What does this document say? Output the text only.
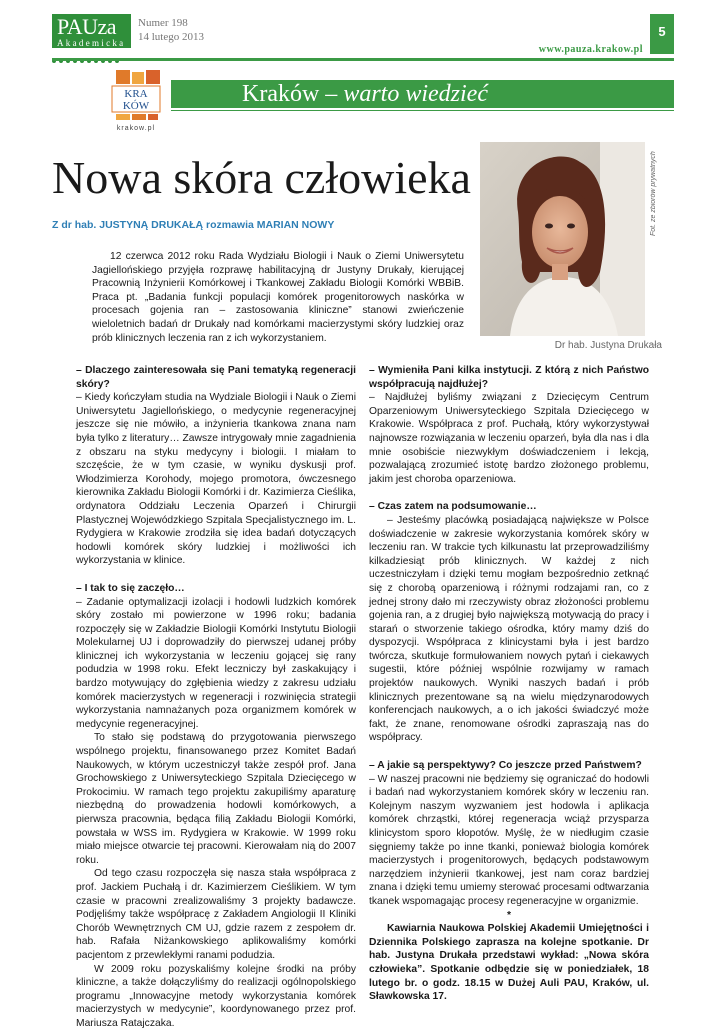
PAUza
Akademicka
Numer 198
14 lutego 2013
www.pauza.krakow.pl
5
KRA
KÓW
krakow.pl
Kraków – warto wiedzieć
Nowa skóra człowieka
Z dr hab. JUSTYNĄ DRUKAŁĄ rozmawia MARIAN NOWY

12 czerwca 2012 roku Rada Wydziału Biologii i Nauk o Ziemi Uniwersytetu Jagiellońskiego przyjęła rozprawę habilitacyjną dr Justyny Drukały, kierującej Pracownią Inżynierii Komórkowej i Tkankowej Zakładu Biologii Komórki WBBiB. Praca pt. „Badania funkcji populacji komórek progenitorowych naskórka w procesach gojenia ran – zastosowania kliniczne” stanowi zwieńczenie wieloletnich badań dr Drukały nad komórkami macierzystymi skóry ludzkiej oraz prób klinicznych leczenia ran z ich wykorzystaniem.

Fot. ze zbiorów prywatnych
Dr hab. Justyna Drukała

– Dlaczego zainteresowała się Pani tematyką regeneracji skóry?

– Kiedy kończyłam studia na Wydziale Biologii i Nauk o Ziemi Uniwersytetu Jagiellońskiego, o medycynie regeneracyjnej jeszcze się nie mówiło, a inżynieria tkankowa znana nam była tylko z literatury… Zawsze intrygowały mnie zagadnienia z obszaru na styku medycyny i biologii. I miałam to szczęście, że w tym czasie, w wyniku dyskusji prof. Włodzimierza Korohody, mojego promotora, ówczesnego kierownika Zakładu Biologii Komórki i dr. Kazimierza Cieślika, ordynatora Oddziału Leczenia Oparzeń i Chirurgii Plastycznej Wojewódzkiego Szpitala Specjalistycznego im. L. Rydygiera w Krakowie zrodziła się idea badań dotyczących hodowli komórek skóry ludzkiej i możliwości ich wykorzystania w klinice.

– I tak to się zaczęło…

– Zadanie optymalizacji izolacji i hodowli ludzkich komórek skóry zostało mi powierzone w 1996 roku; badania rozpoczęły się w Zakładzie Biologii Komórki Instytutu Biologii Molekularnej UJ i doprowadziły do pierwszej udanej próby klinicznej ich wykorzystania w leczeniu gojącej się rany podudzia w 1998 roku. Efekt leczniczy był zaskakujący i bardzo motywujący do zgłębienia wiedzy z zakresu udziału komórek macierzystych w regeneracji i rozwinięcia strategii wykorzystania namnażanych poza organizmem komórek w medycynie regeneracyjnej.

To stało się podstawą do przygotowania pierwszego wspólnego projektu, finansowanego przez Komitet Badań Naukowych, w którym uczestniczył także zespół prof. Jana Grochowskiego z Uniwersyteckiego Szpitala Dziecięcego w Prokocimiu. W ramach tego projektu zakupiliśmy aparaturę niezbędną do prowadzenia hodowli komórkowych, a pierwsza pracownia, będąca filią Zakładu Biologii Komórki, powstała w WSS im. Rydygiera w Krakowie. W 1999 roku miało miejsce otwarcie tej pracowni. Kierowałam nią do 2007 roku.

Od tego czasu rozpoczęła się nasza stała współpraca z prof. Jackiem Puchałą i dr. Kazimierzem Cieślikiem. W tym czasie w pracowni zrealizowaliśmy 3 projekty badawcze. Podjęliśmy także współpracę z Zakładem Angiologii II Kliniki Chorób Wewnętrznych CM UJ, gdzie razem z zespołem dr. hab. Rafała Niżankowskiego aplikowaliśmy komórki pacjentom z przewlekłymi ranami podudzia.

W 2009 roku pozyskaliśmy kolejne środki na próby kliniczne, a także dołączyliśmy do realizacji ogólnopolskiego programu „Innowacyjne metody wykorzystania komórek macierzystych w medycynie”, koordynowanego przez prof. Mariusza Ratajczaka.

– Wymieniła Pani kilka instytucji. Z którą z nich Państwo współpracują najdłużej?

– Najdłużej byliśmy związani z Dziecięcym Centrum Oparzeniowym Uniwersyteckiego Szpitala Dziecięcego w Krakowie. Współpraca z prof. Puchałą, który wykorzystywał najnowsze rozwiązania w leczeniu oparzeń, była dla nas i dla mnie osobiście niezwykłym doświadczeniem i lekcją, pozwalającą zrozumieć istotę bardzo złożonego problemu, jakim jest choroba oparzeniowa.

– Czas zatem na podsumowanie…

– Jesteśmy placówką posiadającą największe w Polsce doświadczenie w zakresie wykorzystania komórek skóry w leczeniu ran. W trakcie tych kilkunastu lat przeprowadziliśmy kilkadziesiąt prób klinicznych. W każdej z nich uczestniczyłam i dzięki temu mogłam bezpośrednio zetknąć się z chorobą oparzeniową i różnymi rodzajami ran, co z jednej strony dało mi rzeczywisty obraz złożoności problemu gojenia ran, a z drugiej było największą motywacją do pracy i starań o stworzenie takiego ośrodka, który mamy dziś do dyspozycji. Współpraca z klinicystami była i jest bardzo twórcza, skutkuje formułowaniem nowych pytań i ciekawych sugestii, które później wspólnie rozwijamy w ramach projektów naukowych. Wyniki naszych badań i prób klinicznych prezentowane są na wielu międzynarodowych konferencjach naukowych, a o ich jakości świadczyć może fakt, że znane, renomowane ośrodki zapraszają nas do współpracy.

– A jakie są perspektywy? Co jeszcze przed Państwem?

– W naszej pracowni nie będziemy się ograniczać do hodowli i badań nad wykorzystaniem komórek skóry w leczeniu ran. Kolejnym naszym wyzwaniem jest hodowla i aplikacja komórek chrząstki, której regeneracja wciąż przysparza klinicystom sporo kłopotów. Myślę, że w niedługim czasie sięgniemy także po inne tkanki, ponieważ biologia komórek macierzystych i progenitorowych, będących podstawowym narzędziem inżynierii tkankowej, jest nam coraz bardziej znana i dzięki temu umiemy sterować procesami odtwarzania tkanek wspomagając procesy regeneracyjne w organizmie.

*

Kawiarnia Naukowa Polskiej Akademii Umiejętności i Dziennika Polskiego zaprasza na kolejne spotkanie. Dr hab. Justyna Drukała przedstawi wykład: „Nowa skóra człowieka”. Spotkanie odbędzie się w poniedziałek, 18 lutego br. o godz. 18.15 w Dużej Auli PAU, Kraków, ul. Sławkowska 17.
